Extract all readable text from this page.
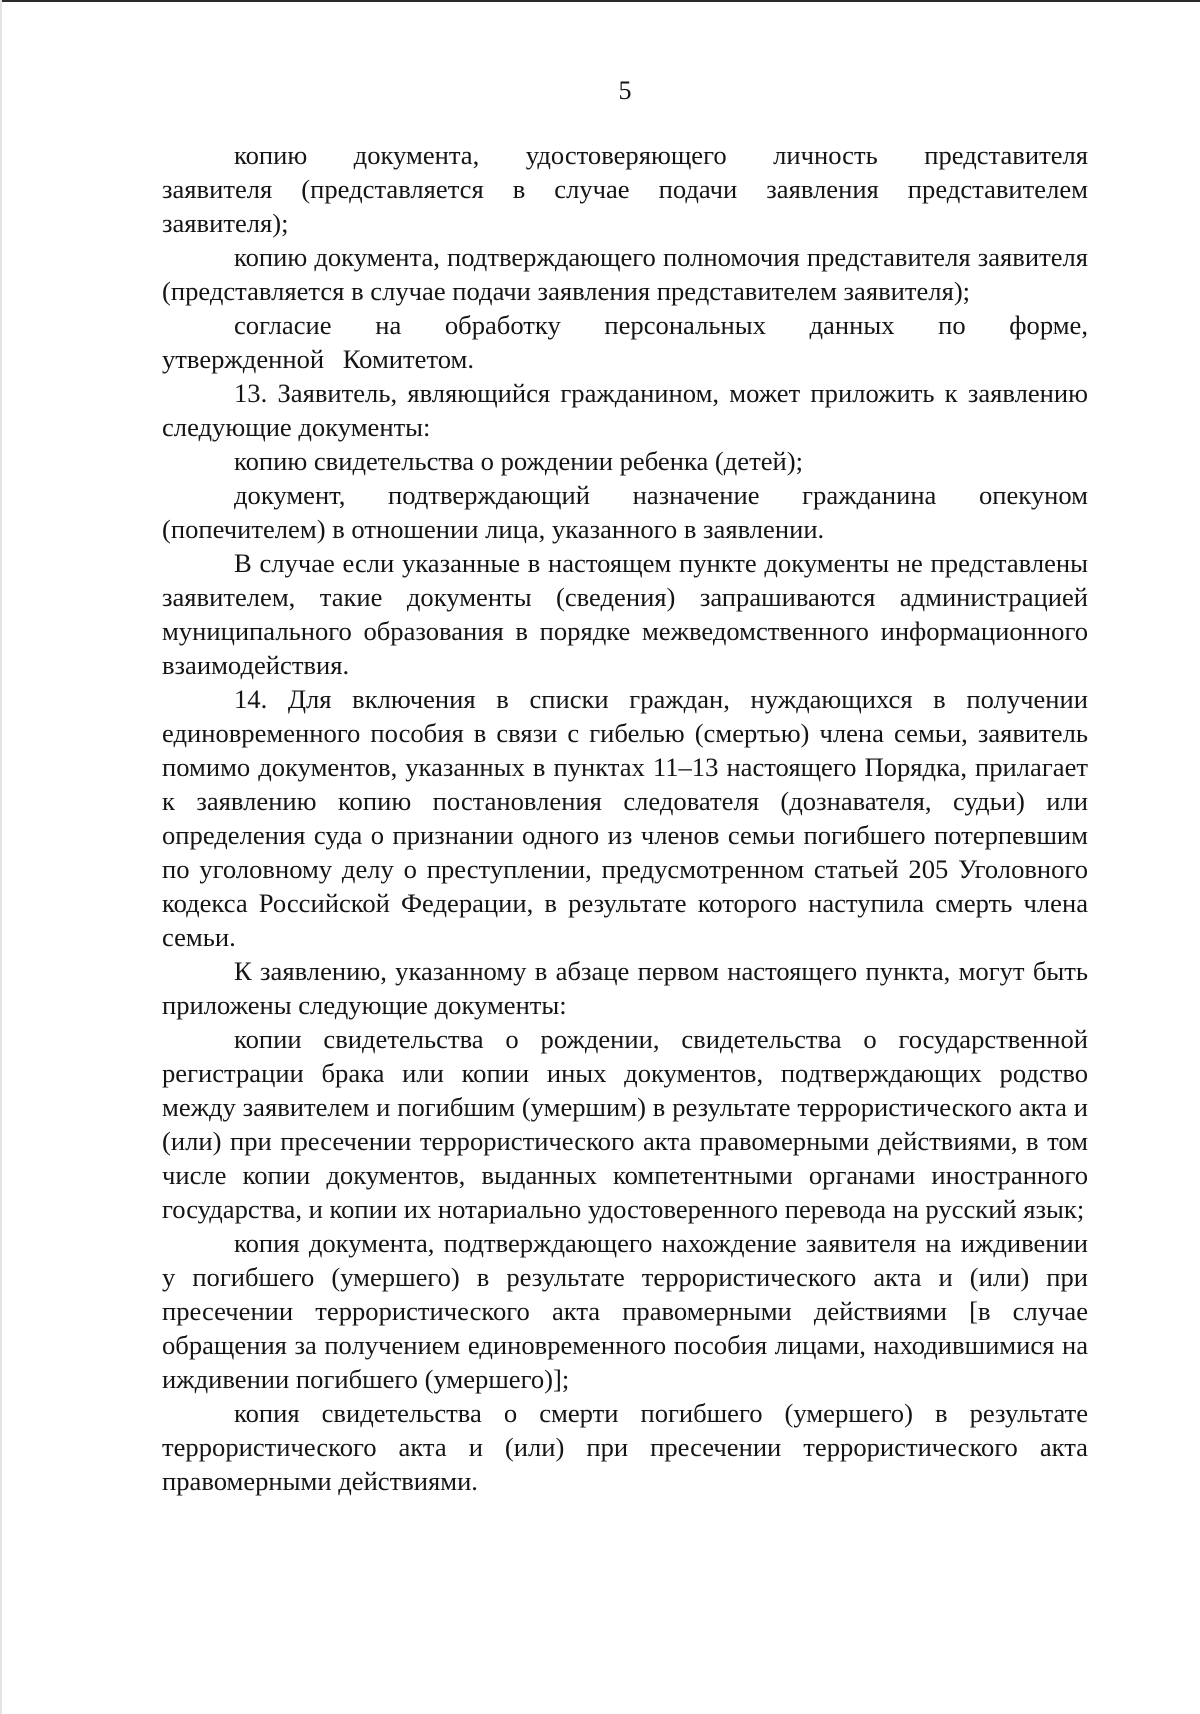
5

копию документа, удостоверяющего личность представителя заявителя (представляется в случае подачи заявления представителем заявителя);

копию документа, подтверждающего полномочия представителя заявителя (представляется в случае подачи заявления представителем заявителя);

согласие на обработку персональных данных по форме, утвержденной Комитетом.

13. Заявитель, являющийся гражданином, может приложить к заявлению следующие документы:

копию свидетельства о рождении ребенка (детей);

документ, подтверждающий назначение гражданина опекуном (попечителем) в отношении лица, указанного в заявлении.

В случае если указанные в настоящем пункте документы не представлены заявителем, такие документы (сведения) запрашиваются администрацией муниципального образования в порядке межведомственного информационного взаимодействия.

14. Для включения в списки граждан, нуждающихся в получении единовременного пособия в связи с гибелью (смертью) члена семьи, заявитель помимо документов, указанных в пунктах 11–13 настоящего Порядка, прилагает к заявлению копию постановления следователя (дознавателя, судьи) или определения суда о признании одного из членов семьи погибшего потерпевшим по уголовному делу о преступлении, предусмотренном статьей 205 Уголовного кодекса Российской Федерации, в результате которого наступила смерть члена семьи.

К заявлению, указанному в абзаце первом настоящего пункта, могут быть приложены следующие документы:

копии свидетельства о рождении, свидетельства о государственной регистрации брака или копии иных документов, подтверждающих родство между заявителем и погибшим (умершим) в результате террористического акта и (или) при пресечении террористического акта правомерными действиями, в том числе копии документов, выданных компетентными органами иностранного государства, и копии их нотариально удостоверенного перевода на русский язык;

копия документа, подтверждающего нахождение заявителя на иждивении у погибшего (умершего) в результате террористического акта и (или) при пресечении террористического акта правомерными действиями [в случае обращения за получением единовременного пособия лицами, находившимися на иждивении погибшего (умершего)];

копия свидетельства о смерти погибшего (умершего) в результате террористического акта и (или) при пресечении террористического акта правомерными действиями.
